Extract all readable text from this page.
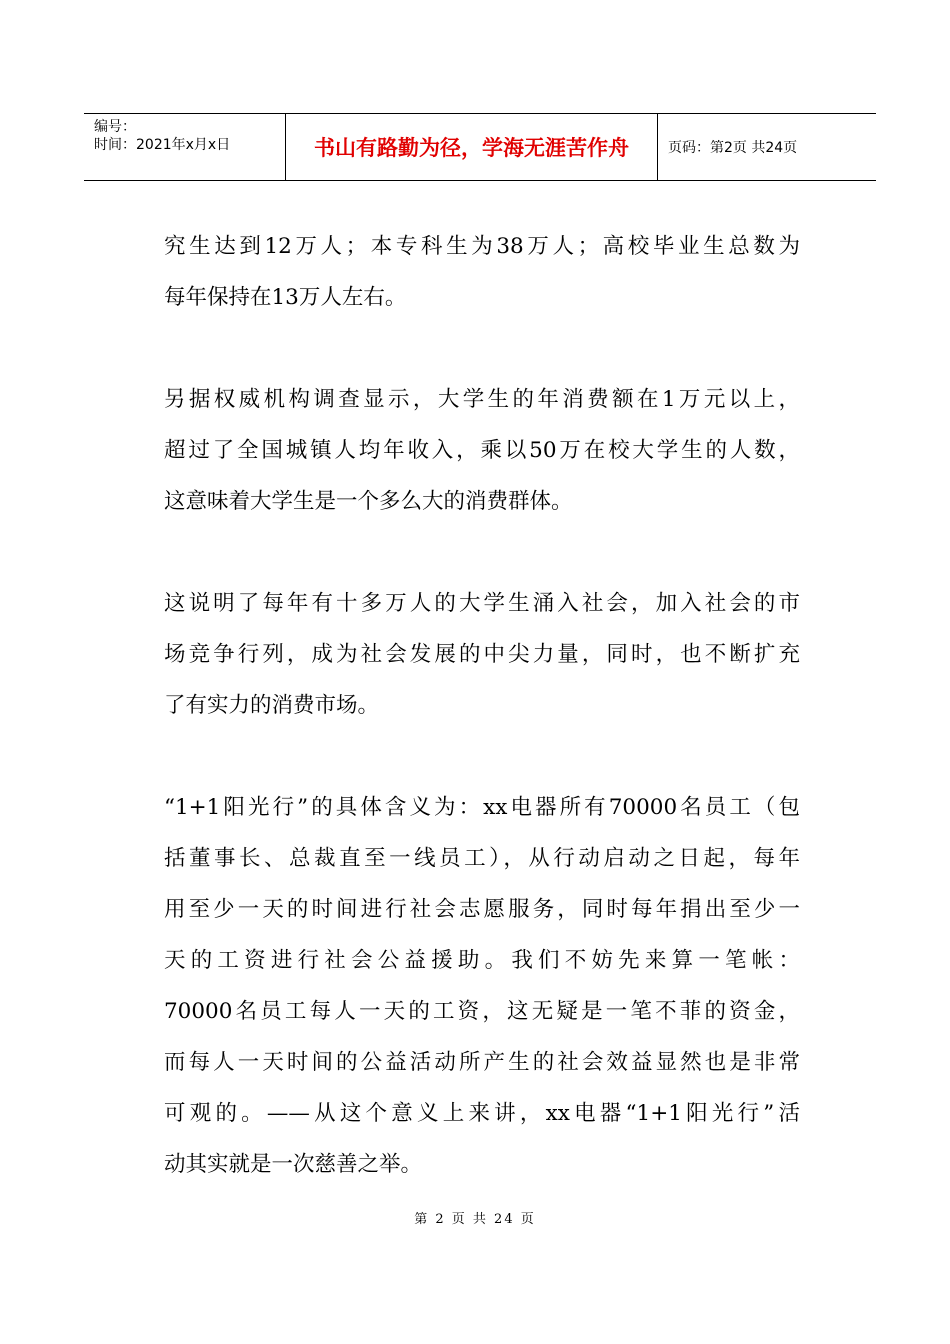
编号：
时间：2021年x月x日	书山有路勤为径，学海无涯苦作舟	页码：第2页 共24页
究生达到12万人；本专科生为38万人；高校毕业生总数为
每年保持在13万人左右。
另据权威机构调查显示，大学生的年消费额在1万元以上，
超过了全国城镇人均年收入，乘以50万在校大学生的人数，
这意味着大学生是一个多么大的消费群体。
这说明了每年有十多万人的大学生涌入社会，加入社会的市
场竞争行列，成为社会发展的中尖力量，同时，也不断扩充
了有实力的消费市场。
“1+1阳光行”的具体含义为：xx电器所有70000名员工（包
括董事长、总裁直至一线员工），从行动启动之日起，每年
用至少一天的时间进行社会志愿服务，同时每年捐出至少一
天的工资进行社会公益援助。我们不妨先来算一笔帐：
70000名员工每人一天的工资，这无疑是一笔不菲的资金，
而每人一天时间的公益活动所产生的社会效益显然也是非常
可观的。——从这个意义上来讲，xx电器“1+1阳光行”活
动其实就是一次慈善之举。
第 2 页 共 24 页
